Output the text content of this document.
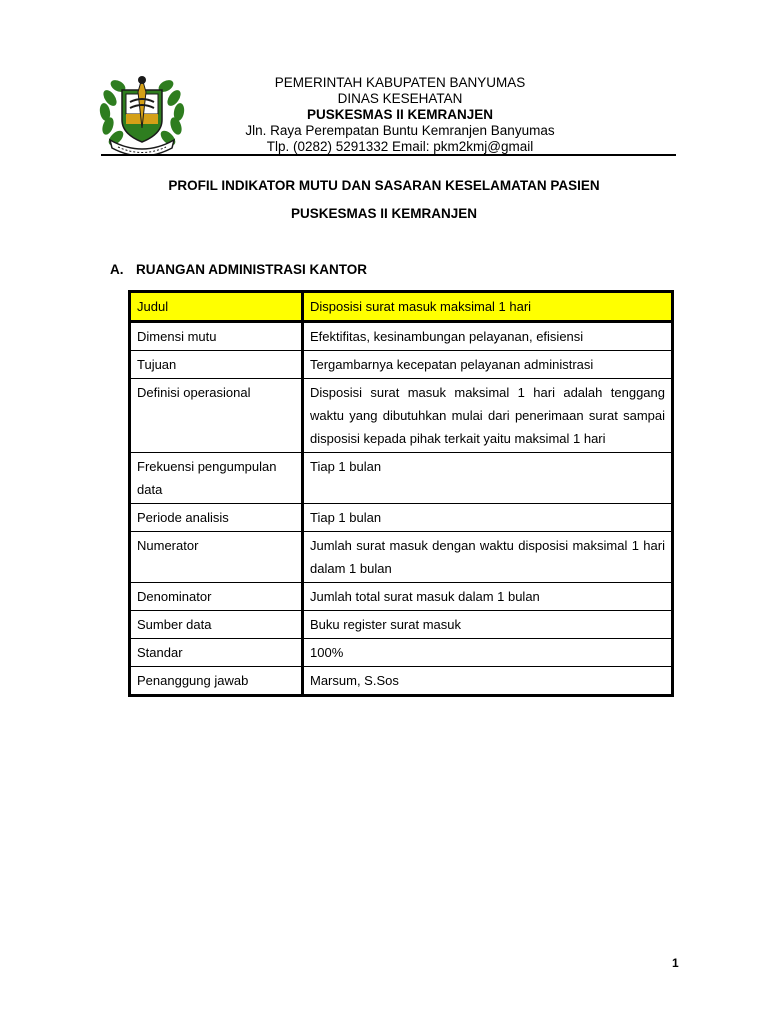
PEMERINTAH KABUPATEN BANYUMAS
DINAS KESEHATAN
PUSKESMAS II KEMRANJEN
Jln. Raya Perempatan Buntu Kemranjen Banyumas
Tlp. (0282) 5291332 Email: pkm2kmj@gmail
PROFIL INDIKATOR MUTU DAN SASARAN KESELAMATAN PASIEN
PUSKESMAS II KEMRANJEN
A. RUANGAN ADMINISTRASI KANTOR
Judul	Disposisi surat masuk maksimal 1 hari
Dimensi mutu	Efektifitas, kesinambungan pelayanan, efisiensi
Tujuan	Tergambarnya kecepatan pelayanan administrasi
Definisi operasional	Disposisi surat masuk maksimal 1 hari adalah tenggang waktu yang dibutuhkan mulai dari penerimaan surat sampai disposisi kepada pihak terkait yaitu maksimal 1 hari
Frekuensi pengumpulan data	Tiap 1 bulan
Periode analisis	Tiap 1 bulan
Numerator	Jumlah surat masuk dengan waktu disposisi maksimal 1 hari dalam 1 bulan
Denominator	Jumlah total surat masuk dalam 1 bulan
Sumber data	Buku register surat masuk
Standar	100%
Penanggung jawab	Marsum, S.Sos
1
